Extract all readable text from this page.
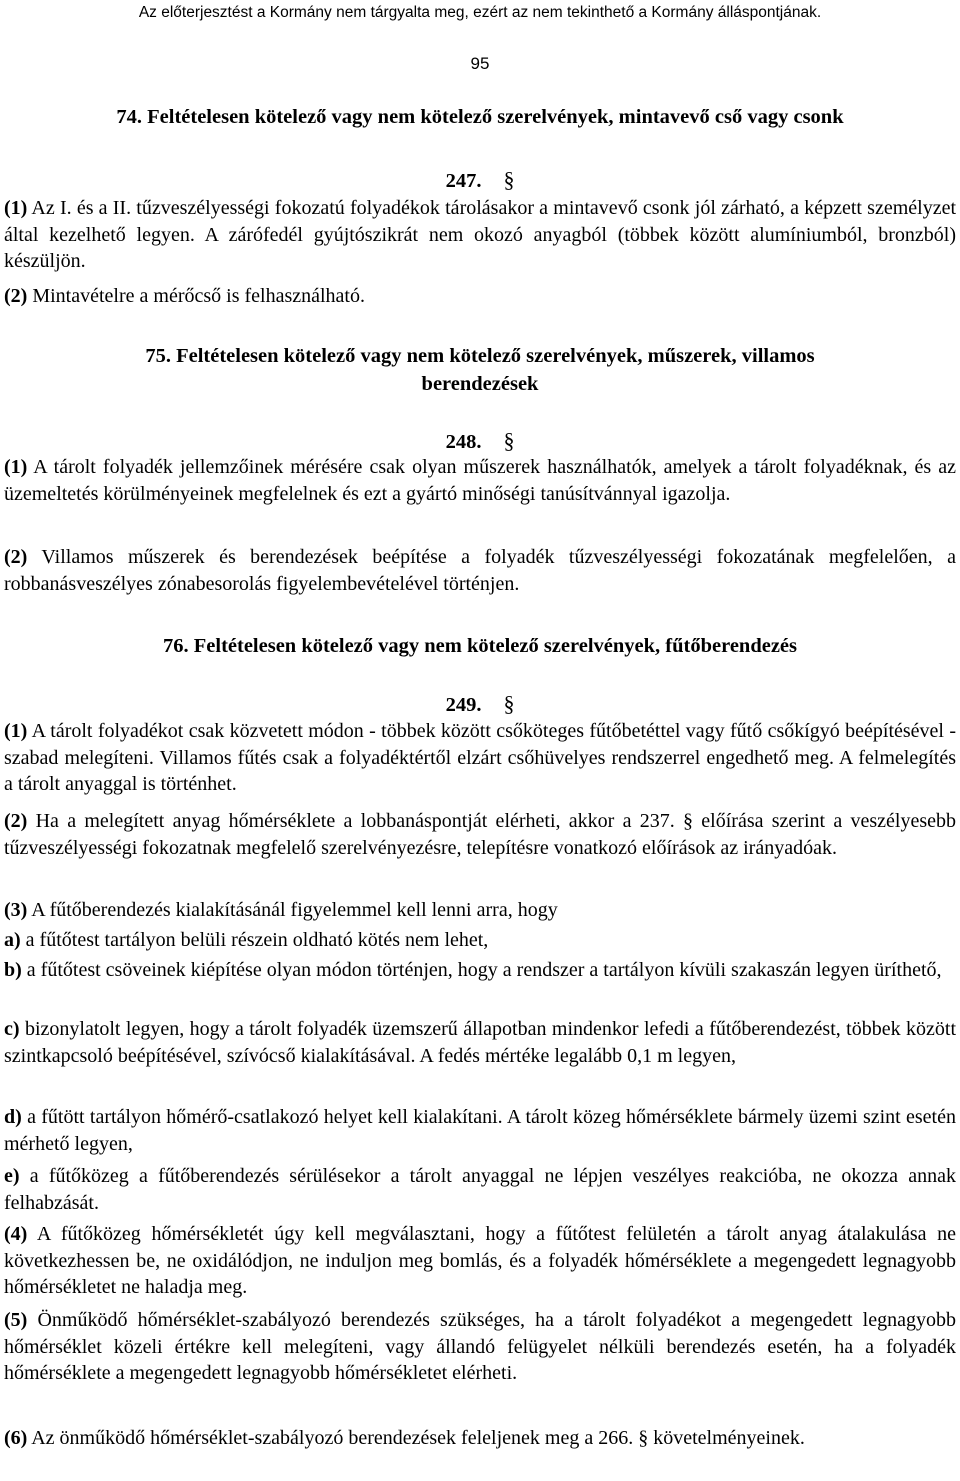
Az előterjesztést a Kormány nem tárgyalta meg, ezért az nem tekinthető a Kormány álláspontjának.
95
74. Feltételesen kötelező vagy nem kötelező szerelvények, mintavevő cső vagy csonk
247. §

(1) Az I. és a II. tűzveszélyességi fokozatú folyadékok tárolásakor a mintavevő csonk jól zárható, a képzett személyzet által kezelhető legyen. A zárófedél gyújtószikrát nem okozó anyagból (többek között alumíniumból, bronzból) készüljön.

(2) Mintavételre a mérőcső is felhasználható.

75. Feltételesen kötelező vagy nem kötelező szerelvények, műszerek, villamos
berendezések
248. §

(1) A tárolt folyadék jellemzőinek mérésére csak olyan műszerek használhatók, amelyek a tárolt folyadéknak, és az üzemeltetés körülményeinek megfelelnek és ezt a gyártó minőségi tanúsítvánnyal igazolja.

(2) Villamos műszerek és berendezések beépítése a folyadék tűzveszélyességi fokozatának megfelelően, a robbanásveszélyes zónabesorolás figyelembevételével történjen.

76. Feltételesen kötelező vagy nem kötelező szerelvények, fűtőberendezés
249. §

(1) A tárolt folyadékot csak közvetett módon - többek között csőköteges fűtőbetéttel vagy fűtő csőkígyó beépítésével - szabad melegíteni. Villamos fűtés csak a folyadéktértől elzárt csőhüvelyes rendszerrel engedhető meg. A felmelegítés a tárolt anyaggal is történhet.

(2) Ha a melegített anyag hőmérséklete a lobbanáspontját elérheti, akkor a 237. § előírása szerint a veszélyesebb tűzveszélyességi fokozatnak megfelelő szerelvényezésre, telepítésre vonatkozó előírások az irányadóak.

(3) A fűtőberendezés kialakításánál figyelemmel kell lenni arra, hogy

a) a fűtőtest tartályon belüli részein oldható kötés nem lehet,

b) a fűtőtest csöveinek kiépítése olyan módon történjen, hogy a rendszer a tartályon kívüli szakaszán legyen üríthető,

c) bizonylatolt legyen, hogy a tárolt folyadék üzemszerű állapotban mindenkor lefedi a fűtőberendezést, többek között szintkapcsoló beépítésével, szívócső kialakításával. A fedés mértéke legalább 0,1 m legyen,

d) a fűtött tartályon hőmérő-csatlakozó helyet kell kialakítani. A tárolt közeg hőmérséklete bármely üzemi szint esetén mérhető legyen,

e) a fűtőközeg a fűtőberendezés sérülésekor a tárolt anyaggal ne lépjen veszélyes reakcióba, ne okozza annak felhabzását.

(4) A fűtőközeg hőmérsékletét úgy kell megválasztani, hogy a fűtőtest felületén a tárolt anyag átalakulása ne következhessen be, ne oxidálódjon, ne induljon meg bomlás, és a folyadék hőmérséklete a megengedett legnagyobb hőmérsékletet ne haladja meg.

(5) Önműködő hőmérséklet-szabályozó berendezés szükséges, ha a tárolt folyadékot a megengedett legnagyobb hőmérséklet közeli értékre kell melegíteni, vagy állandó felügyelet nélküli berendezés esetén, ha a folyadék hőmérséklete a megengedett legnagyobb hőmérsékletet elérheti.

(6) Az önműködő hőmérséklet-szabályozó berendezések feleljenek meg a 266. § követelményeinek.
